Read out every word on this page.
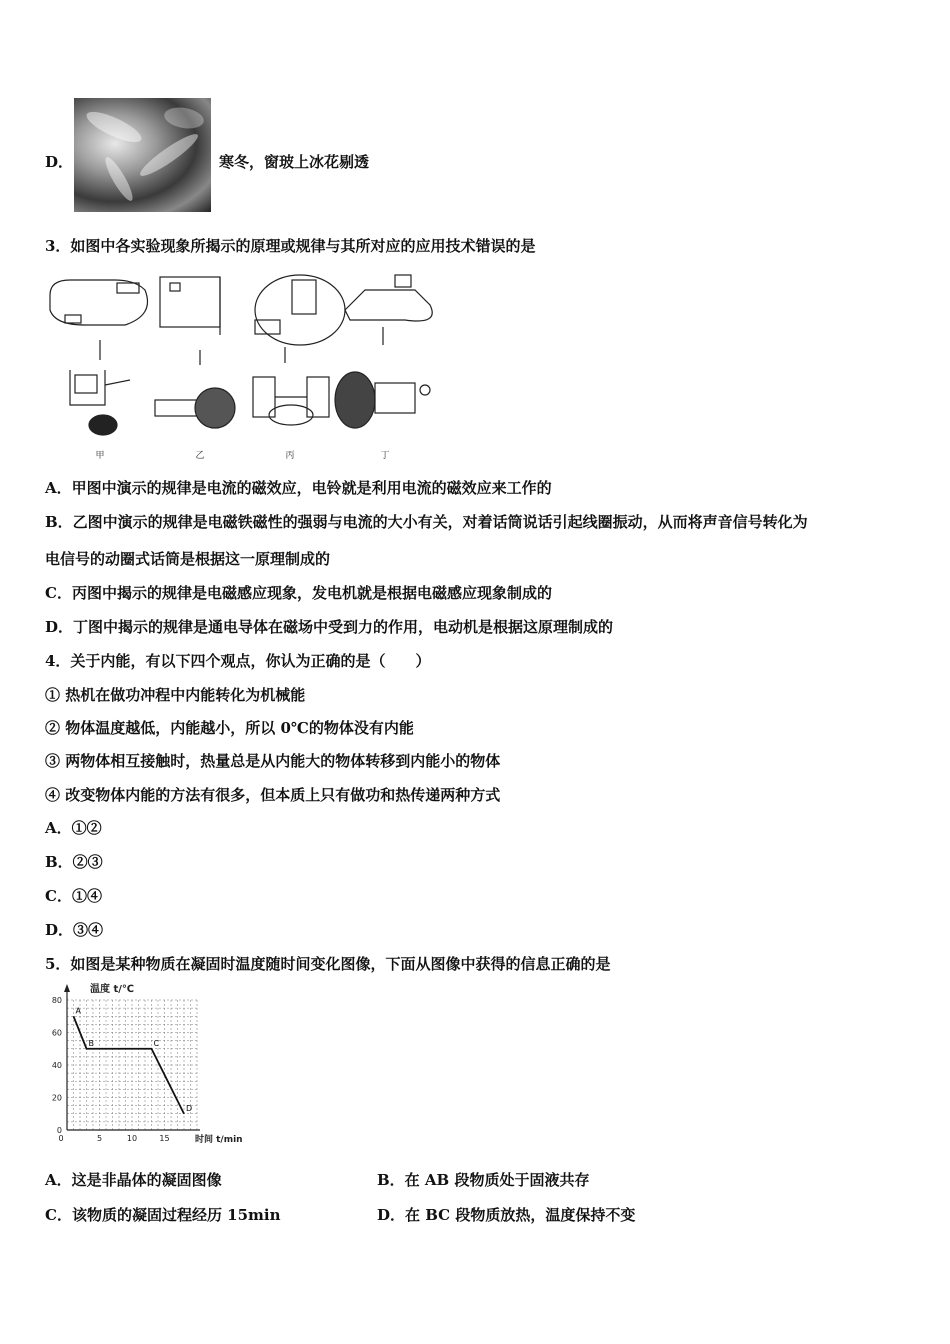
D．	寒冬，窗玻上冰花剔透
3．如图中各实验现象所揭示的原理或规律与其所对应的应用技术错误的是
甲	乙	丙	丁
A．甲图中演示的规律是电流的磁效应，电铃就是利用电流的磁效应来工作的
B．乙图中演示的规律是电磁铁磁性的强弱与电流的大小有关，对着话筒说话引起线圈振动，从而将声音信号转化为
电信号的动圈式话筒是根据这一原理制成的
C．丙图中揭示的规律是电磁感应现象，发电机就是根据电磁感应现象制成的
D．丁图中揭示的规律是通电导体在磁场中受到力的作用，电动机是根据这原理制成的
4．关于内能，有以下四个观点，你认为正确的是（　　）
① 热机在做功冲程中内能转化为机械能
② 物体温度越低，内能越小，所以 0℃的物体没有内能
③ 两物体相互接触时，热量总是从内能大的物体转移到内能小的物体
④ 改变物体内能的方法有很多，但本质上只有做功和热传递两种方式
A．①②
B．②③
C．①④
D．③④
5．如图是某种物质在凝固时温度随时间变化图像，下面从图像中获得的信息正确的是
0
20
40
60
80
0	5	10	15
A
B	C
D
温度 t/℃
时间 t/min
A．这是非晶体的凝固图像	B．在 AB 段物质处于固液共存
C．该物质的凝固过程经历 15min	D．在 BC 段物质放热，温度保持不变
